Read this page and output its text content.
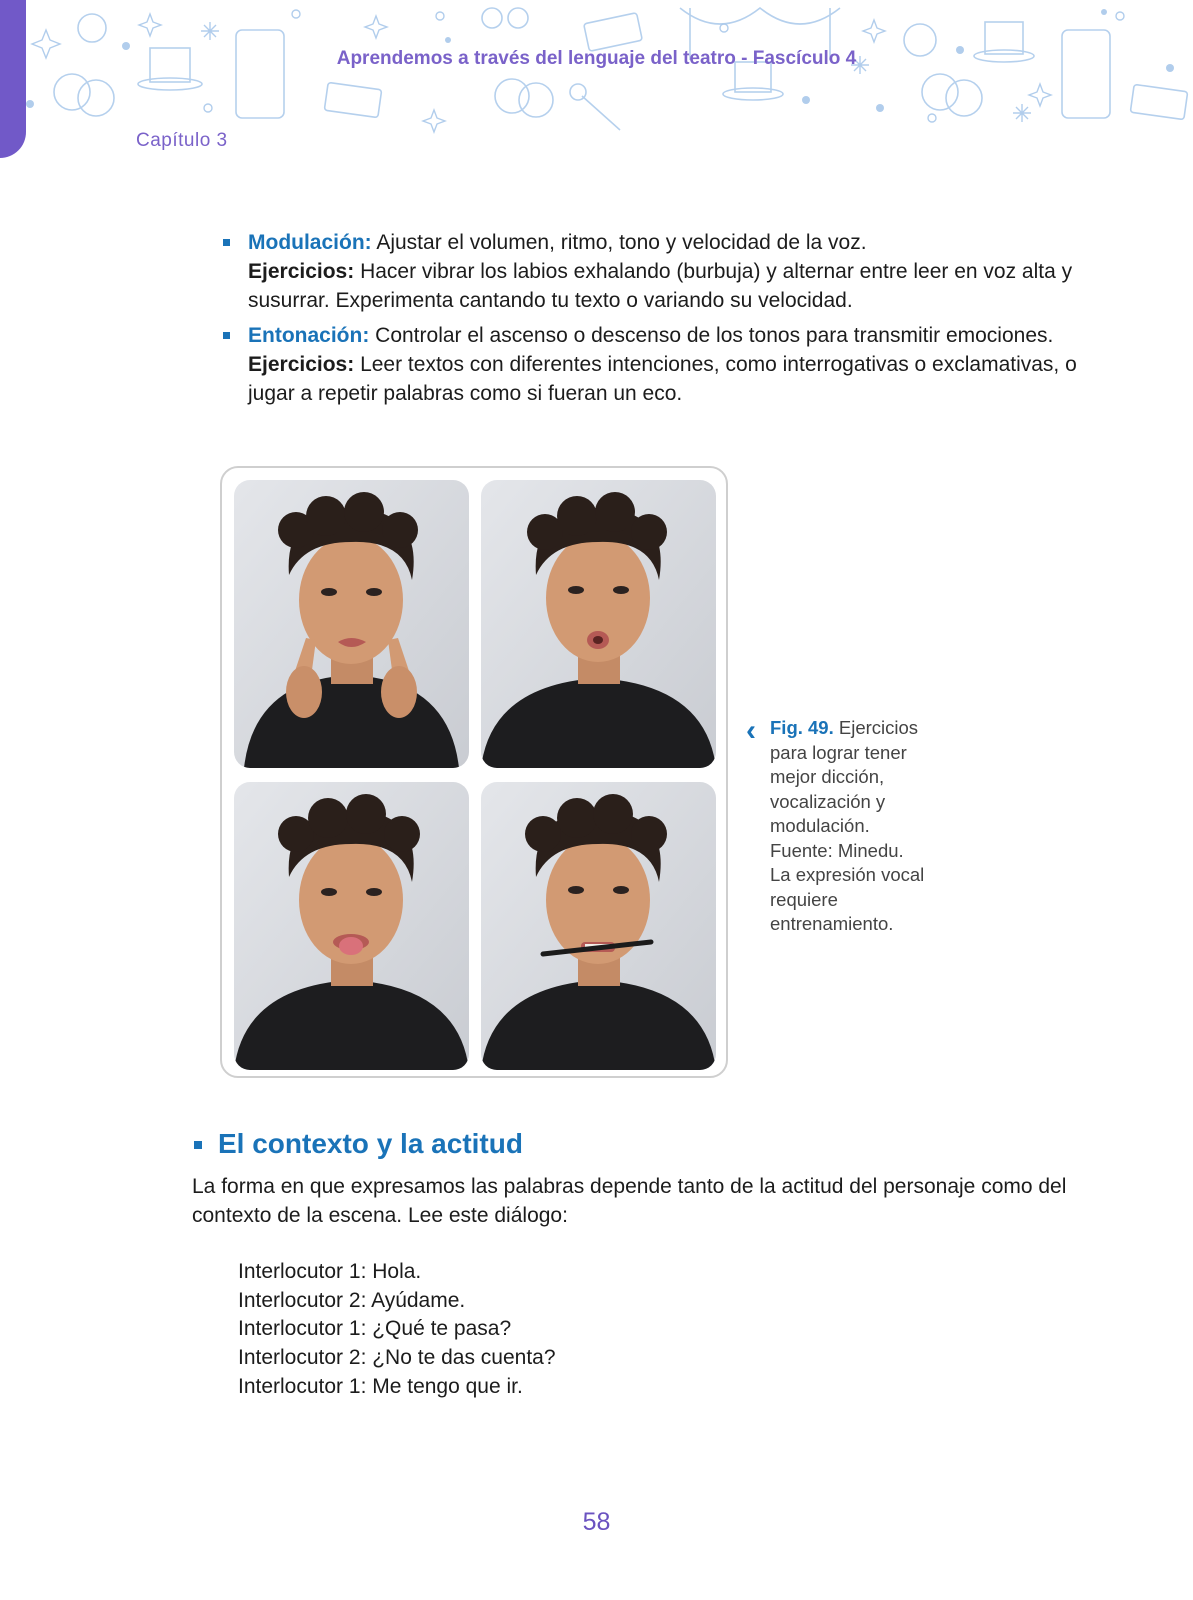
Aprendemos a través del lenguaje del teatro - Fascículo 4
Capítulo 3
Modulación: Ajustar el volumen, ritmo, tono y velocidad de la voz.
Ejercicios: Hacer vibrar los labios exhalando (burbuja) y alternar entre leer en voz alta y susurrar. Experimenta cantando tu texto o variando su velocidad.
Entonación: Controlar el ascenso o descenso de los tonos para transmitir emociones.
Ejercicios: Leer textos con diferentes intenciones, como interrogativas o exclamativas, o jugar a repetir palabras como si fueran un eco.
‹ Fig. 49. Ejercicios para lograr tener mejor dicción, vocalización y modulación. Fuente: Minedu. La expresión vocal requiere entrenamiento.
El contexto y la actitud
La forma en que expresamos las palabras depende tanto de la actitud del personaje como del contexto de la escena. Lee este diálogo:
Interlocutor 1: Hola.
Interlocutor 2: Ayúdame.
Interlocutor 1: ¿Qué te pasa?
Interlocutor 2: ¿No te das cuenta?
Interlocutor 1: Me tengo que ir.
58
